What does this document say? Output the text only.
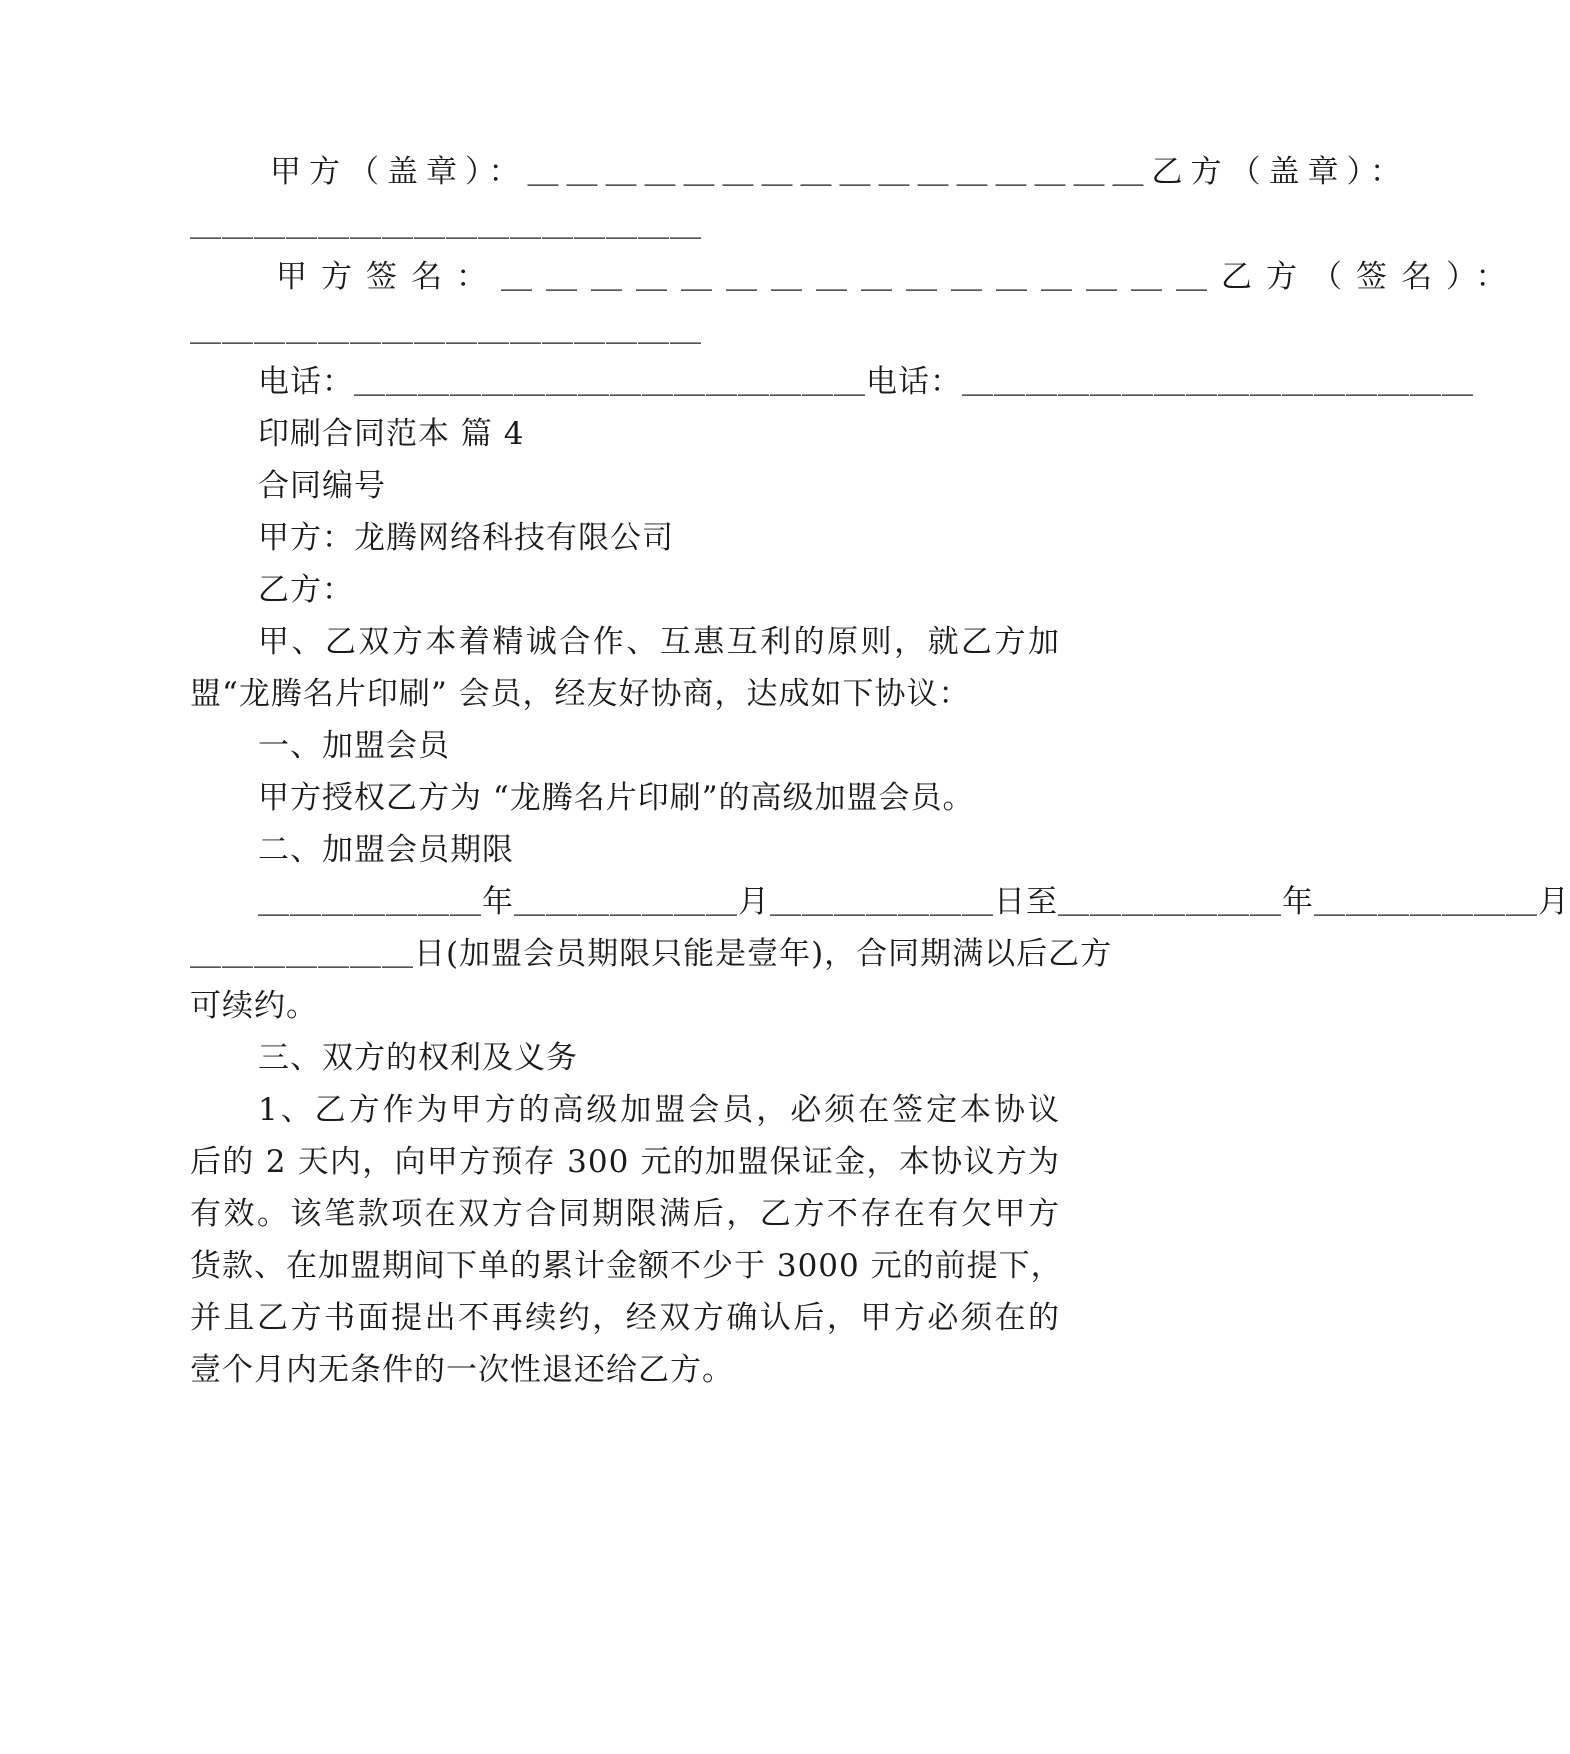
甲方（盖章）：＿＿＿＿＿＿＿＿＿＿＿＿＿＿＿＿乙方（盖章）：
＿＿＿＿＿＿＿＿＿＿＿＿＿＿＿＿
甲方签名：＿＿＿＿＿＿＿＿＿＿＿＿＿＿＿＿乙方（签名）：
＿＿＿＿＿＿＿＿＿＿＿＿＿＿＿＿
电话：＿＿＿＿＿＿＿＿＿＿＿＿＿＿＿＿电话：＿＿＿＿＿＿＿＿＿＿＿＿＿＿＿＿
印刷合同范本 篇 4
合同编号
甲方：龙腾网络科技有限公司
乙方：
甲、乙双方本着精诚合作、互惠互利的原则，就乙方加
盟“龙腾名片印刷” 会员，经友好协商，达成如下协议：
一、加盟会员
甲方授权乙方为 “龙腾名片印刷”的高级加盟会员。
二、加盟会员期限
＿＿＿＿＿＿＿年＿＿＿＿＿＿＿月＿＿＿＿＿＿＿日至＿＿＿＿＿＿＿年＿＿＿＿＿＿＿月
＿＿＿＿＿＿＿日(加盟会员期限只能是壹年)，合同期满以后乙方
可续约。
三、双方的权利及义务
1、乙方作为甲方的高级加盟会员，必须在签定本协议
后的 2 天内，向甲方预存 300 元的加盟保证金，本协议方为
有效。该笔款项在双方合同期限满后，乙方不存在有欠甲方
货款、在加盟期间下单的累计金额不少于 3000 元的前提下，
并且乙方书面提出不再续约，经双方确认后，甲方必须在的
壹个月内无条件的一次性退还给乙方。
